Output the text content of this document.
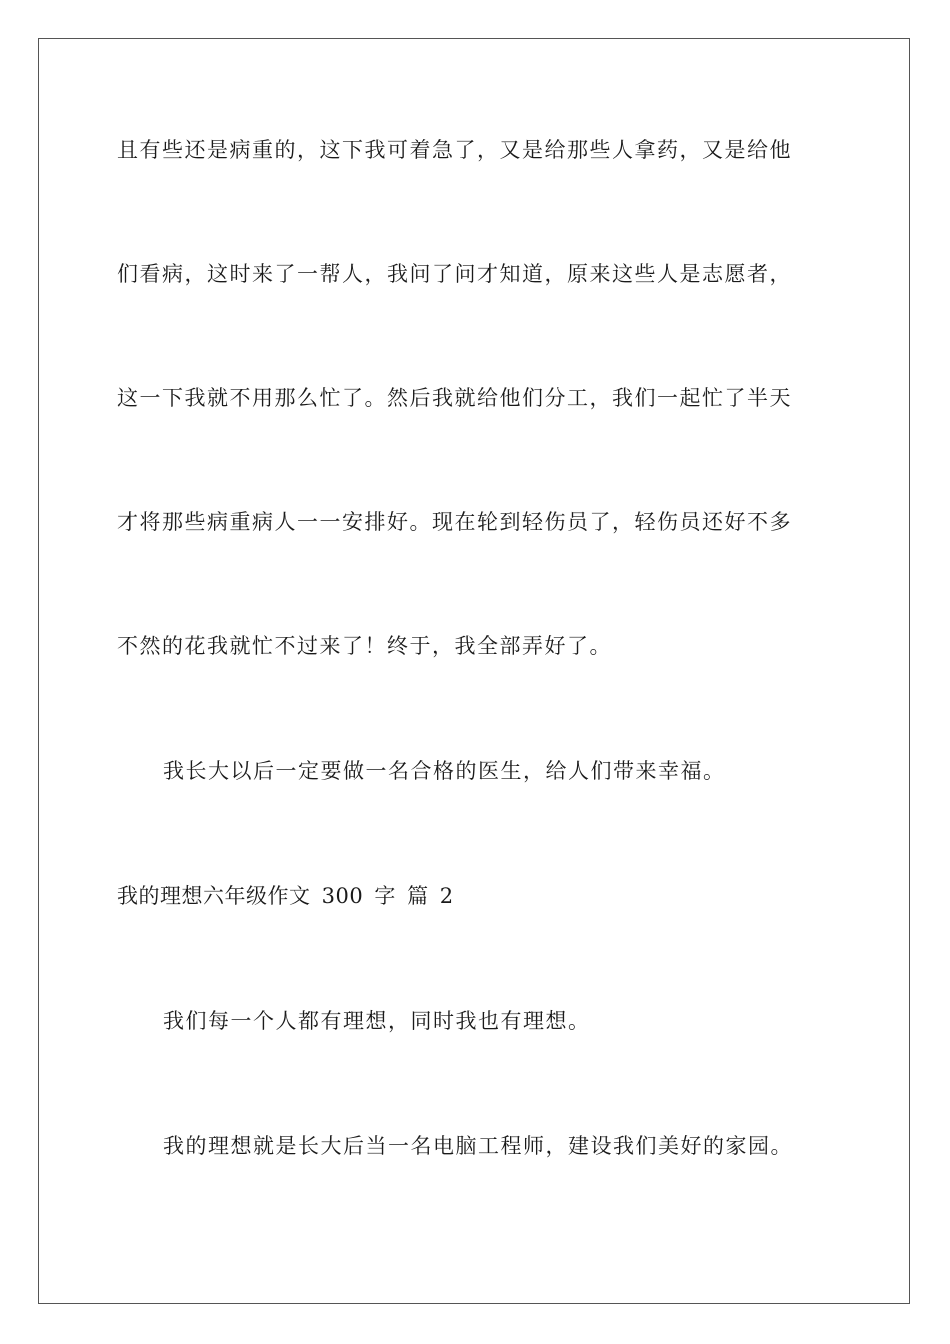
且有些还是病重的，这下我可着急了，又是给那些人拿药，又是给他
们看病，这时来了一帮人，我问了问才知道，原来这些人是志愿者，
这一下我就不用那么忙了。然后我就给他们分工，我们一起忙了半天
才将那些病重病人一一安排好。现在轮到轻伤员了，轻伤员还好不多
不然的花我就忙不过来了！终于，我全部弄好了。
我长大以后一定要做一名合格的医生，给人们带来幸福。
我的理想六年级作文 300 字 篇 2
我们每一个人都有理想，同时我也有理想。
我的理想就是长大后当一名电脑工程师，建设我们美好的家园。
